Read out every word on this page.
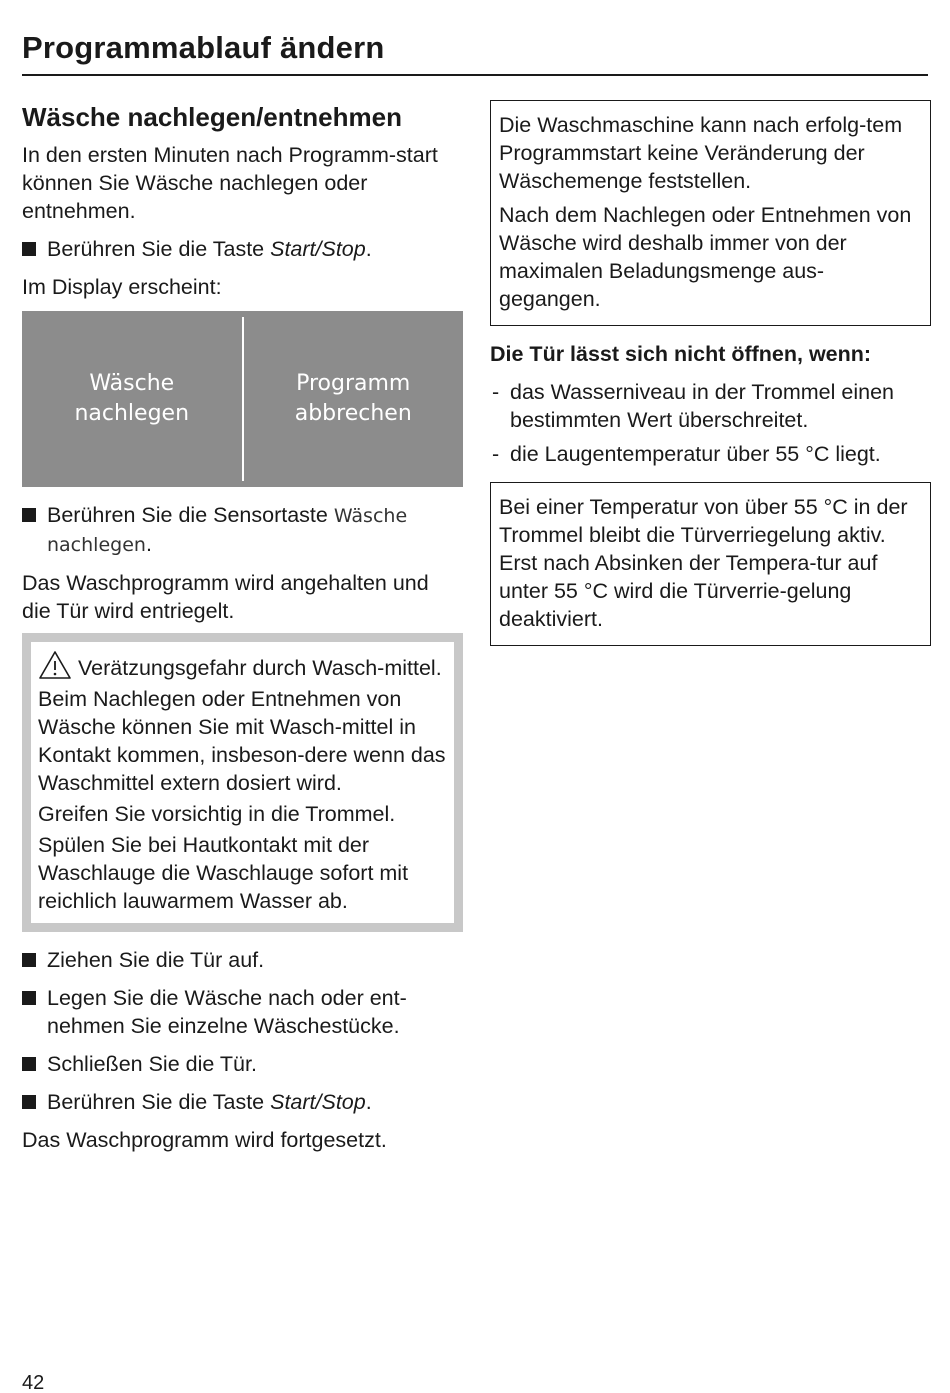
Programmablauf ändern
Wäsche nachlegen/entnehmen

In den ersten Minuten nach Programm-start können Sie Wäsche nachlegen oder entnehmen.

Berühren Sie die Taste Start/Stop.

Im Display erscheint:

Wäsche
nachlegen
Programm
abbrechen
Berühren Sie die Sensortaste Wäsche nachlegen.

Das Waschprogramm wird angehalten und die Tür wird entriegelt.

Verätzungsgefahr durch Wasch-mittel.

Beim Nachlegen oder Entnehmen von Wäsche können Sie mit Wasch-mittel in Kontakt kommen, insbeson-dere wenn das Waschmittel extern dosiert wird.

Greifen Sie vorsichtig in die Trommel.

Spülen Sie bei Hautkontakt mit der Waschlauge die Waschlauge sofort mit reichlich lauwarmem Wasser ab.

Ziehen Sie die Tür auf.
Legen Sie die Wäsche nach oder ent-nehmen Sie einzelne Wäschestücke.
Schließen Sie die Tür.
Berühren Sie die Taste Start/Stop.

Das Waschprogramm wird fortgesetzt.

Die Waschmaschine kann nach erfolg-tem Programmstart keine Veränderung der Wäschemenge feststellen.

Nach dem Nachlegen oder Entnehmen von Wäsche wird deshalb immer von der maximalen Beladungsmenge aus-gegangen.

Die Tür lässt sich nicht öffnen, wenn:
- das Wasserniveau in der Trommel einen bestimmten Wert überschreitet.
- die Laugentemperatur über 55 °C liegt.

Bei einer Temperatur von über 55 °C in der Trommel bleibt die Türverriegelung aktiv. Erst nach Absinken der Tempera-tur auf unter 55 °C wird die Türverrie-gelung deaktiviert.

42
